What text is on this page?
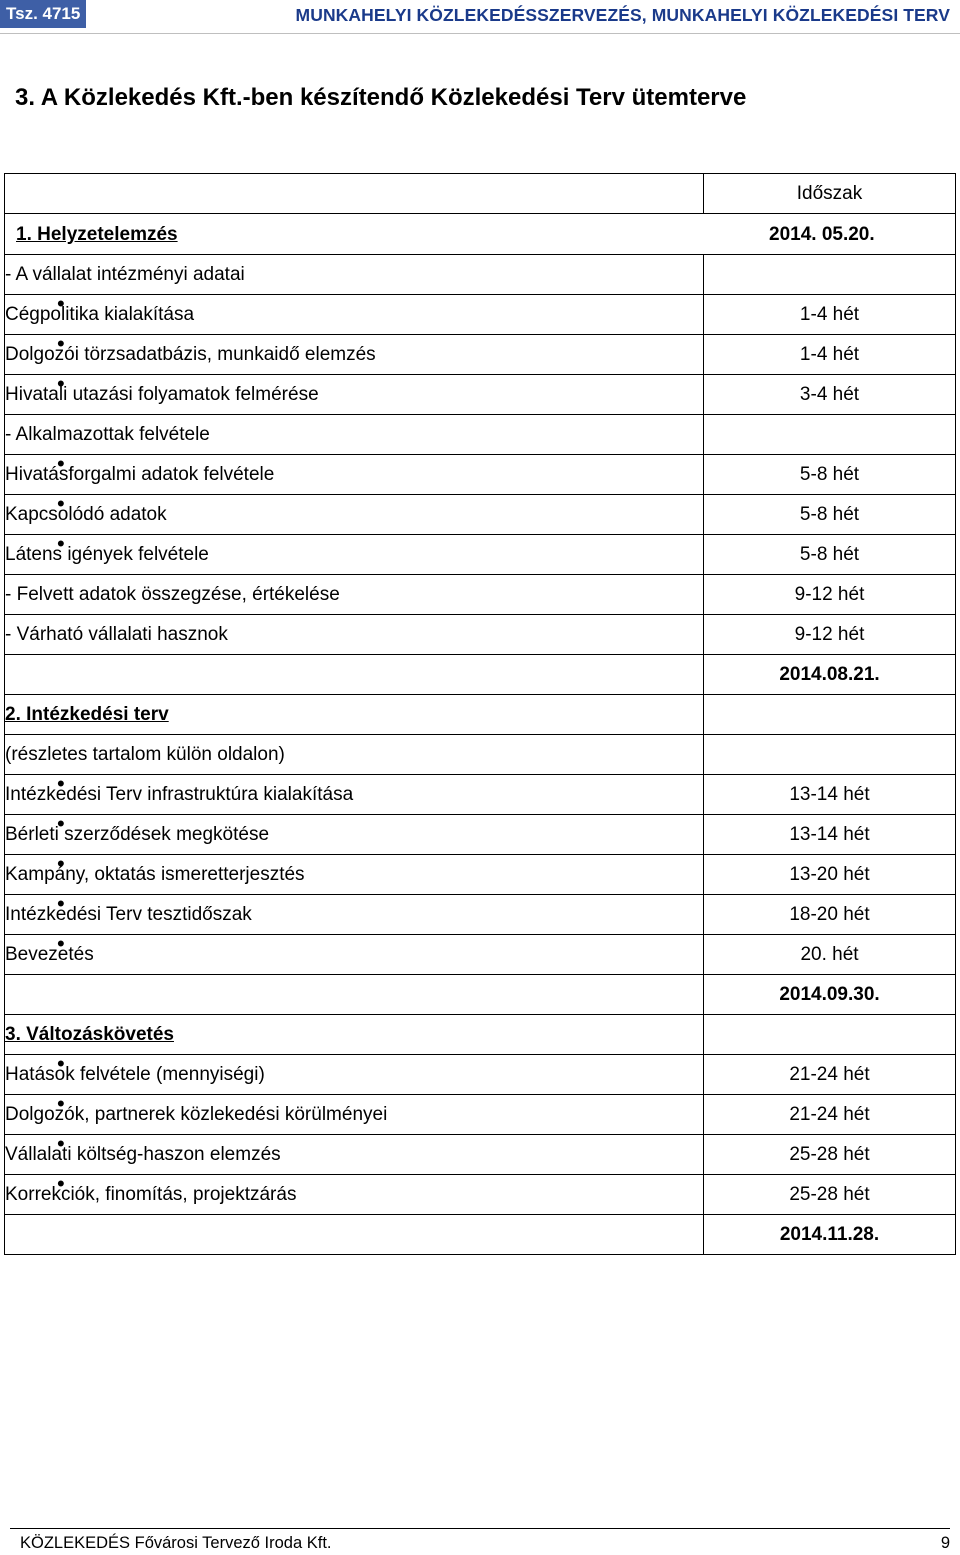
Tsz. 4715	MUNKAHELYI KÖZLEKEDÉSSZERVEZÉS, MUNKAHELYI KÖZLEKEDÉSI TERV
3. A Közlekedés Kft.-ben készítendő Közlekedési Terv ütemterve
	Időszak

1. Helyzetelemzés 2014. 05.20.	

- A vállalat intézményi adatai	
• Cégpolitika kialakítása	1-4 hét
• Dolgozói törzsadatbázis, munkaidő elemzés	1-4 hét
• Hivatali utazási folyamatok felmérése	3-4 hét
- Alkalmazottak felvétele	
• Hivatásforgalmi adatok felvétele	5-8 hét
• Kapcsolódó adatok	5-8 hét
• Látens igények felvétele	5-8 hét
- Felvett adatok összegzése, értékelése	9-12 hét
- Várható vállalati hasznok	9-12 hét
	2014.08.21.
2. Intézkedési terv	
(részletes tartalom külön oldalon)	
• Intézkedési Terv infrastruktúra kialakítása	13-14 hét
• Bérleti szerződések megkötése	13-14 hét
• Kampány, oktatás ismeretterjesztés	13-20 hét
• Intézkedési Terv tesztidőszak	18-20 hét
• Bevezetés	20. hét
	2014.09.30.
3. Változáskövetés	
• Hatások felvétele (mennyiségi)	21-24 hét
• Dolgozók, partnerek közlekedési körülményei	21-24 hét
• Vállalati költség-haszon elemzés	25-28 hét
• Korrekciók, finomítás, projektzárás	25-28 hét
	2014.11.28.
KÖZLEKEDÉS Fővárosi Tervező Iroda Kft.	9
